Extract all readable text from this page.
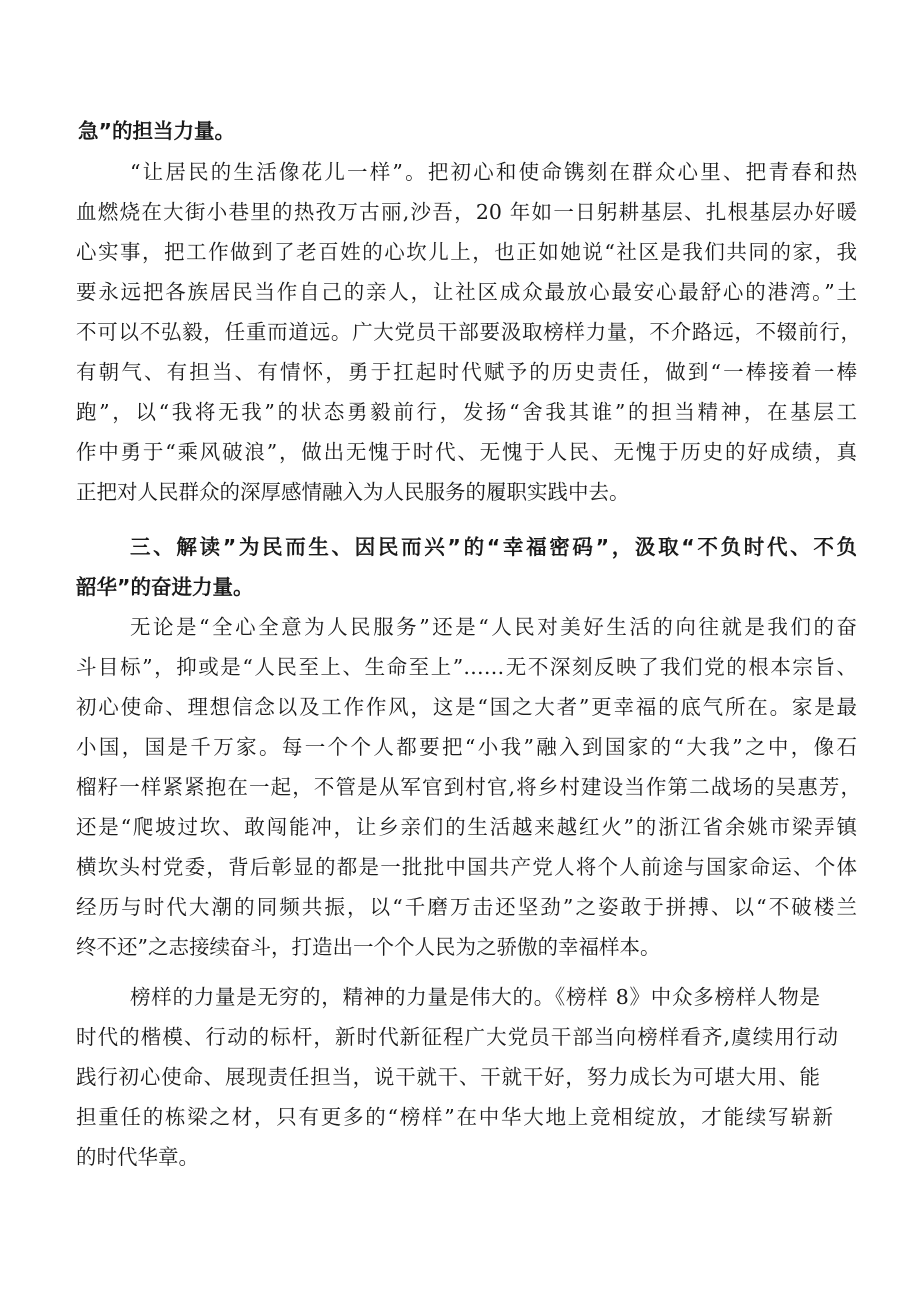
急”的担当力量。
“让居民的生活像花儿一样”。把初心和使命镌刻在群众心里、把青春和热
血燃烧在大街小巷里的热孜万古丽,沙吾，20 年如一日躬耕基层、扎根基层办好暖
心实事，把工作做到了老百姓的心坎儿上，也正如她说“社区是我们共同的家，我
要永远把各族居民当作自己的亲人，让社区成众最放心最安心最舒心的港湾。”土
不可以不弘毅，任重而道远。广大党员干部要汲取榜样力量，不介路远，不辍前行，
有朝气、有担当、有情怀，勇于扛起时代赋予的历史责任，做到“一棒接着一棒
跑”，以“我将无我”的状态勇毅前行，发扬“舍我其谁”的担当精神，在基层工
作中勇于“乘风破浪”，做出无愧于时代、无愧于人民、无愧于历史的好成绩，真
正把对人民群众的深厚感情融入为人民服务的履职实践中去。
三、解读”为民而生、因民而兴”的“幸福密码”，汲取“不负时代、不负
韶华”的奋进力量。
无论是“全心全意为人民服务”还是“人民对美好生活的向往就是我们的奋
斗目标”，抑或是“人民至上、生命至上”……无不深刻反映了我们党的根本宗旨、
初心使命、理想信念以及工作作风，这是“国之大者”更幸福的底气所在。家是最
小国，国是千万家。每一个个人都要把“小我”融入到国家的“大我”之中，像石
榴籽一样紧紧抱在一起，不管是从军官到村官,将乡村建设当作第二战场的吴惠芳，
还是“爬坡过坎、敢闯能冲，让乡亲们的生活越来越红火”的浙江省余姚市梁弄镇
横坎头村党委，背后彰显的都是一批批中国共产党人将个人前途与国家命运、个体
经历与时代大潮的同频共振，以“千磨万击还坚劲”之姿敢于拼搏、以“不破楼兰
终不还”之志接续奋斗，打造出一个个人民为之骄傲的幸福样本。
榜样的力量是无穷的，精神的力量是伟大的。《榜样 8》中众多榜样人物是
时代的楷模、行动的标杆，新时代新征程广大党员干部当向榜样看齐,虞续用行动
践行初心使命、展现责任担当，说干就干、干就干好，努力成长为可堪大用、能
担重任的栋梁之材，只有更多的“榜样”在中华大地上竞相绽放，才能续写崭新
的时代华章。
